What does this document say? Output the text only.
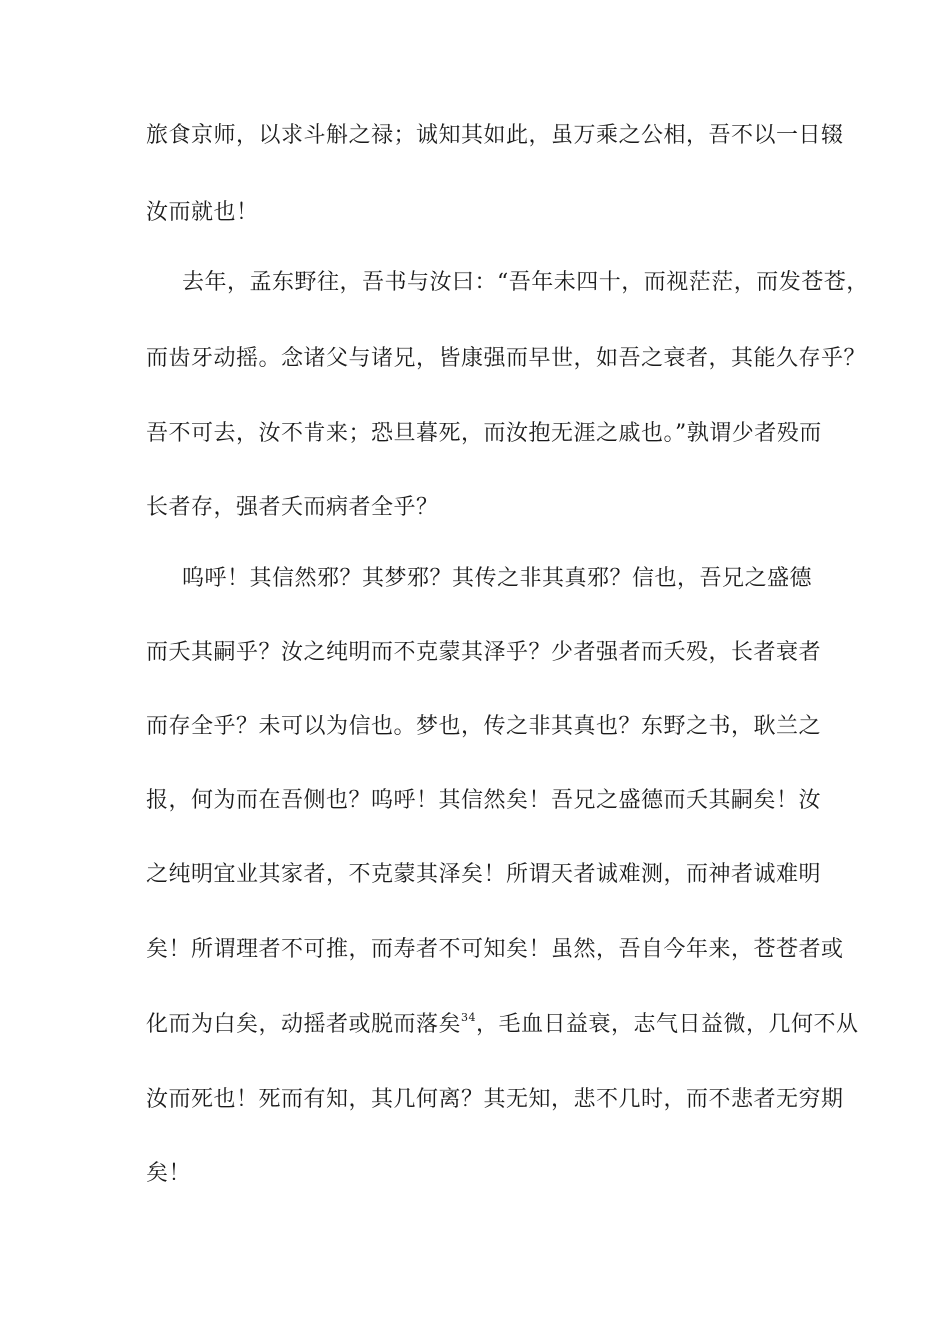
旅食京师，以求斗斛之禄；诚知其如此，虽万乘之公相，吾不以一日辍
汝而就也！
去年，孟东野往，吾书与汝曰：“吾年未四十，而视茫茫，而发苍苍，
而齿牙动摇。念诸父与诸兄，皆康强而早世，如吾之衰者，其能久存乎？
吾不可去，汝不肯来；恐旦暮死，而汝抱无涯之戚也。”孰谓少者殁而
长者存，强者夭而病者全乎？
呜呼！其信然邪？其梦邪？其传之非其真邪？信也，吾兄之盛德
而夭其嗣乎？汝之纯明而不克蒙其泽乎？少者强者而夭殁，长者衰者
而存全乎？未可以为信也。梦也，传之非其真也？东野之书，耿兰之
报，何为而在吾侧也？呜呼！其信然矣！吾兄之盛德而夭其嗣矣！汝
之纯明宜业其家者，不克蒙其泽矣！所谓天者诚难测，而神者诚难明
矣！所谓理者不可推，而寿者不可知矣！虽然，吾自今年来，苍苍者或
化而为白矣，动摇者或脱而落矣$^{34}$，毛血日益衰，志气日益微，几何不从
汝而死也！死而有知，其几何离？其无知，悲不几时，而不悲者无穷期
矣！
